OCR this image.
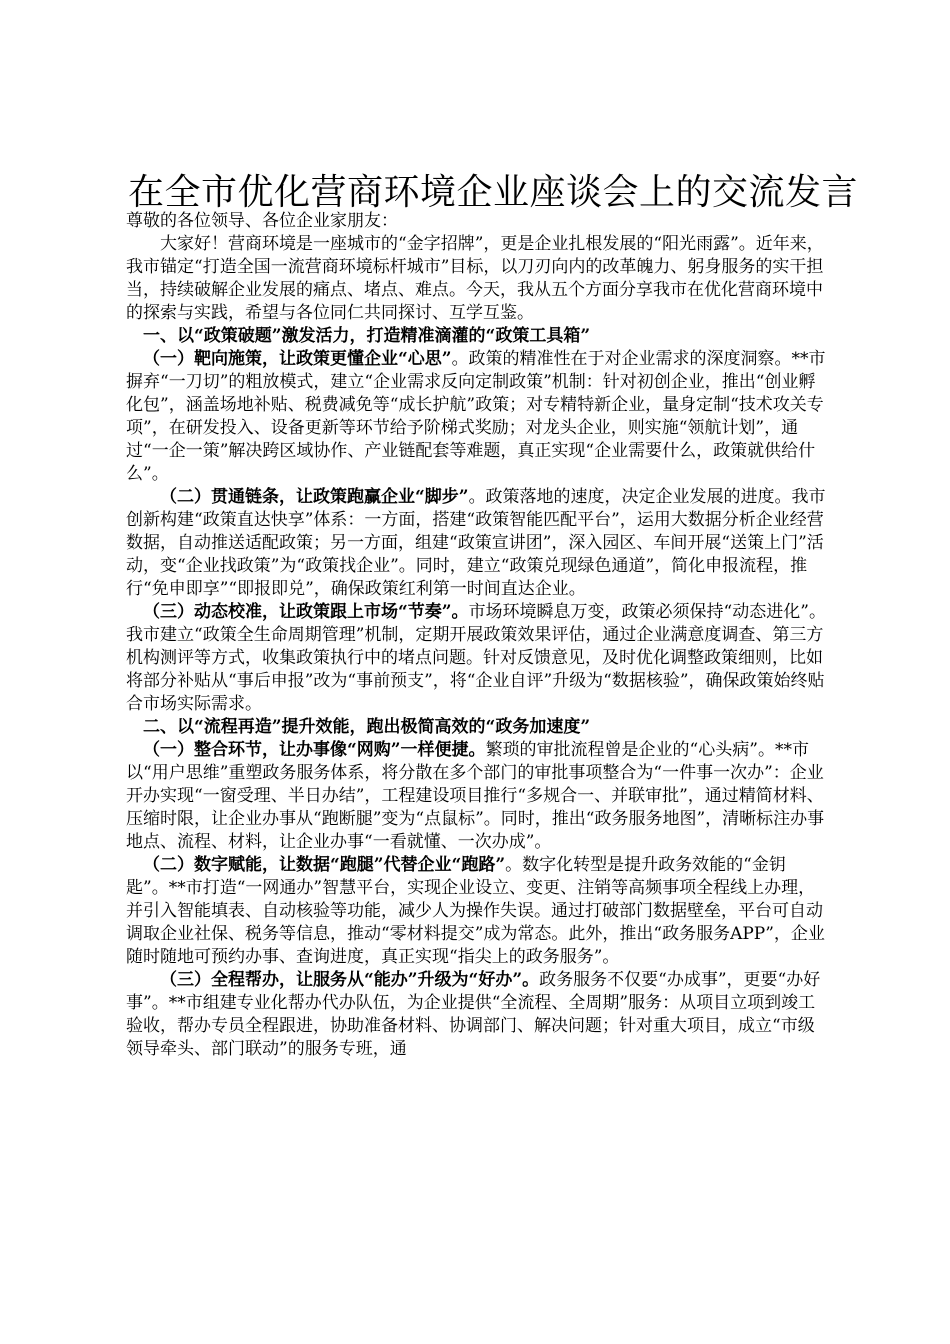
在全市优化营商环境企业座谈会上的交流发言

尊敬的各位领导、各位企业家朋友：

大家好！营商环境是一座城市的“金字招牌”，更是企业扎根发展的“阳光雨露”。近年来，我市锚定“打造全国一流营商环境标杆城市”目标，以刀刃向内的改革魄力、躬身服务的实干担当，持续破解企业发展的痛点、堵点、难点。今天，我从五个方面分享我市在优化营商环境中的探索与实践，希望与各位同仁共同探讨、互学互鉴。

一、以“政策破题”激发活力，打造精准滴灌的“政策工具箱”

（一）靶向施策，让政策更懂企业“心思”。政策的精准性在于对企业需求的深度洞察。**市摒弃“一刀切”的粗放模式，建立“企业需求反向定制政策”机制：针对初创企业，推出“创业孵化包”，涵盖场地补贴、税费减免等“成长护航”政策；对专精特新企业，量身定制“技术攻关专项”，在研发投入、设备更新等环节给予阶梯式奖励；对龙头企业，则实施“领航计划”，通过“一企一策”解决跨区域协作、产业链配套等难题，真正实现“企业需要什么，政策就供给什么”。

（二）贯通链条，让政策跑赢企业“脚步”。政策落地的速度，决定企业发展的进度。我市创新构建“政策直达快享”体系：一方面，搭建“政策智能匹配平台”，运用大数据分析企业经营数据，自动推送适配政策；另一方面，组建“政策宣讲团”，深入园区、车间开展“送策上门”活动，变“企业找政策”为“政策找企业”。同时，建立“政策兑现绿色通道”，简化申报流程，推行“免申即享”“即报即兑”，确保政策红利第一时间直达企业。

（三）动态校准，让政策跟上市场“节奏”。市场环境瞬息万变，政策必须保持“动态进化”。我市建立“政策全生命周期管理”机制，定期开展政策效果评估，通过企业满意度调查、第三方机构测评等方式，收集政策执行中的堵点问题。针对反馈意见，及时优化调整政策细则，比如将部分补贴从“事后申报”改为“事前预支”，将“企业自评”升级为“数据核验”，确保政策始终贴合市场实际需求。

二、以“流程再造”提升效能，跑出极简高效的“政务加速度”

（一）整合环节，让办事像“网购”一样便捷。繁琐的审批流程曾是企业的“心头病”。**市以“用户思维”重塑政务服务体系，将分散在多个部门的审批事项整合为“一件事一次办”：企业开办实现“一窗受理、半日办结”，工程建设项目推行“多规合一、并联审批”，通过精简材料、压缩时限，让企业办事从“跑断腿”变为“点鼠标”。同时，推出“政务服务地图”，清晰标注办事地点、流程、材料，让企业办事“一看就懂、一次办成”。

（二）数字赋能，让数据“跑腿”代替企业“跑路”。数字化转型是提升政务效能的“金钥匙”。**市打造“一网通办”智慧平台，实现企业设立、变更、注销等高频事项全程线上办理，并引入智能填表、自动核验等功能，减少人为操作失误。通过打破部门数据壁垒，平台可自动调取企业社保、税务等信息，推动“零材料提交”成为常态。此外，推出“政务服务APP”，企业随时随地可预约办事、查询进度，真正实现“指尖上的政务服务”。

（三）全程帮办，让服务从“能办”升级为“好办”。政务服务不仅要“办成事”，更要“办好事”。**市组建专业化帮办代办队伍，为企业提供“全流程、全周期”服务：从项目立项到竣工验收，帮办专员全程跟进，协助准备材料、协调部门、解决问题；针对重大项目，成立“市级领导牵头、部门联动”的服务专班，通
